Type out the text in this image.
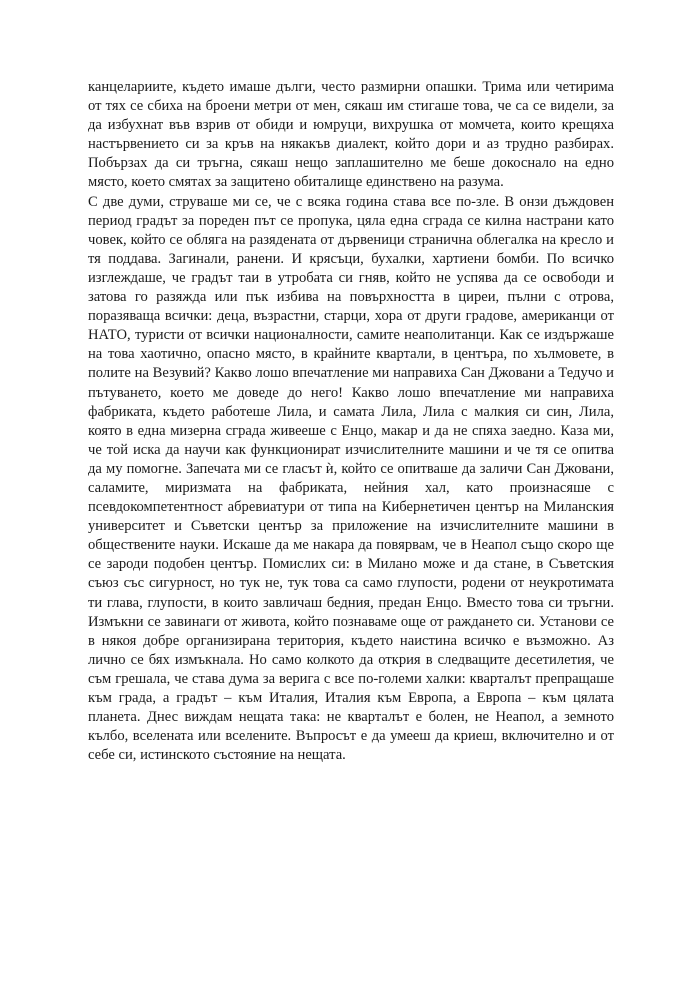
канцелариите, където имаше дълги, често размирни опашки. Трима или четирима от тях се сбиха на броени метри от мен, сякаш им стигаше това, че са се видели, за да избухнат във взрив от обиди и юмруци, вихрушка от момчета, които крещяха настървението си за кръв на някакъв диалект, който дори и аз трудно разбирах. Побързах да си тръгна, сякаш нещо заплашително ме беше докоснало на едно място, което смятах за защитено обиталище единствено на разума.

С две думи, струваше ми се, че с всяка година става все по-зле. В онзи дъждовен период градът за пореден път се пропука, цяла една сграда се килна настрани като човек, който се обляга на разядената от дървеници странична облегалка на кресло и тя поддава. Загинали, ранени. И крясъци, бухалки, хартиени бомби. По всичко изглеждаше, че градът таи в утробата си гняв, който не успява да се освободи и затова го разяжда или пък избива на повърхността в циреи, пълни с отрова, поразяваща всички: деца, възрастни, старци, хора от други градове, американци от НАТО, туристи от всички националности, самите неаполитанци. Как се издържаше на това хаотично, опасно място, в крайните квартали, в центъра, по хълмовете, в полите на Везувий? Какво лошо впечатление ми направиха Сан Джовани а Тедучо и пътуването, което ме доведе до него! Какво лошо впечатление ми направиха фабриката, където работеше Лила, и самата Лила, Лила с малкия си син, Лила, която в една мизерна сграда живееше с Енцо, макар и да не спяха заедно. Каза ми, че той иска да научи как функционират изчислителните машини и че тя се опитва да му помогне. Запечата ми се гласът ѝ, който се опитваше да заличи Сан Джовани, саламите, миризмата на фабриката, нейния хал, като произнасяше с псевдокомпетентност абревиатури от типа на Кибернетичен център на Миланския университет и Съветски център за приложение на изчислителните машини в обществените науки. Искаше да ме накара да повярвам, че в Неапол също скоро ще се зароди подобен център. Помислих си: в Милано може и да стане, в Съветския съюз със сигурност, но тук не, тук това са само глупости, родени от неукротимата ти глава, глупости, в които завличаш бедния, предан Енцо. Вместо това си тръгни. Измъкни се завинаги от живота, който познаваме още от раждането си. Установи се в някоя добре организирана територия, където наистина всичко е възможно. Аз лично се бях измъкнала. Но само колкото да открия в следващите десетилетия, че съм грешала, че става дума за верига с все по-големи халки: кварталът препращаше към града, а градът – към Италия, Италия към Европа, а Европа – към цялата планета. Днес виждам нещата така: не кварталът е болен, не Неапол, а земното кълбо, вселената или вселените. Въпросът е да умееш да криеш, включително и от себе си, истинското състояние на нещата.
